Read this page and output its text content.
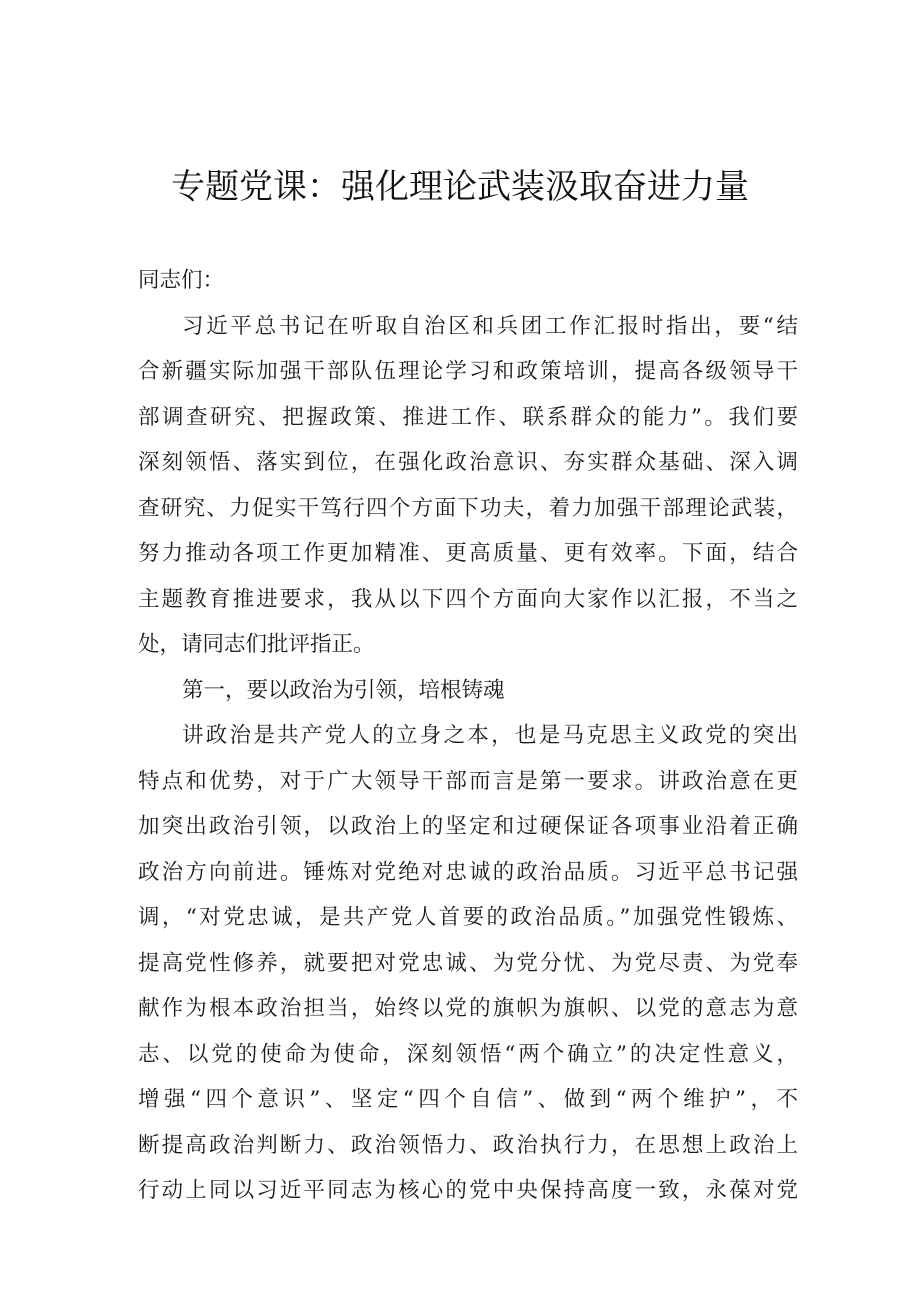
专题党课：强化理论武装汲取奋进力量
同志们：
习近平总书记在听取自治区和兵团工作汇报时指出，要“结
合新疆实际加强干部队伍理论学习和政策培训，提高各级领导干
部调查研究、把握政策、推进工作、联系群众的能力”。我们要
深刻领悟、落实到位，在强化政治意识、夯实群众基础、深入调
查研究、力促实干笃行四个方面下功夫，着力加强干部理论武装，
努力推动各项工作更加精准、更高质量、更有效率。下面，结合
主题教育推进要求，我从以下四个方面向大家作以汇报，不当之
处，请同志们批评指正。
第一，要以政治为引领，培根铸魂
讲政治是共产党人的立身之本，也是马克思主义政党的突出
特点和优势，对于广大领导干部而言是第一要求。讲政治意在更
加突出政治引领，以政治上的坚定和过硬保证各项事业沿着正确
政治方向前进。锤炼对党绝对忠诚的政治品质。习近平总书记强
调，“对党忠诚，是共产党人首要的政治品质。”加强党性锻炼、
提高党性修养，就要把对党忠诚、为党分忧、为党尽责、为党奉
献作为根本政治担当，始终以党的旗帜为旗帜、以党的意志为意
志、以党的使命为使命，深刻领悟“两个确立”的决定性意义，
增强“四个意识”、坚定“四个自信”、做到“两个维护”，不
断提高政治判断力、政治领悟力、政治执行力，在思想上政治上
行动上同以习近平同志为核心的党中央保持高度一致，永葆对党
